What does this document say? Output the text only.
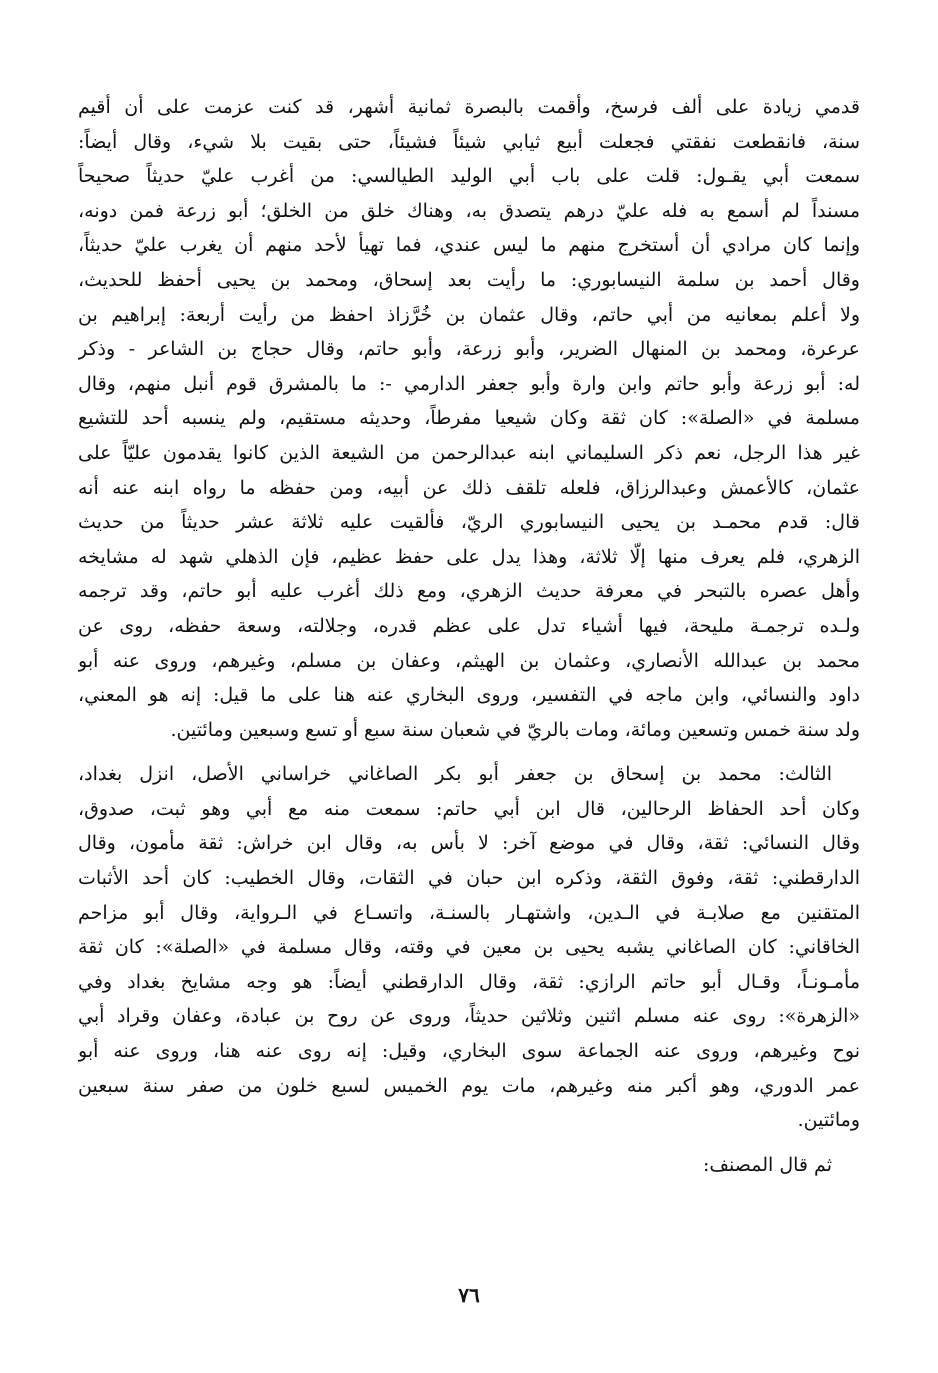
قدمي زيادة على ألف فرسخ، وأقمت بالبصرة ثمانية أشهر، قد كنت عزمت على أن أقيم
سنة، فانقطعت نفقتي فجعلت أبيع ثيابي شيئاً فشيئاً، حتى بقيت بلا شيء، وقال أيضاً:
سمعت أبي يقـول: قلت على باب أبي الوليد الطيالسي: من أغرب عليّ حديثاً صحيحاً
مسنداً لم أسمع به فله عليّ درهم يتصدق به، وهناك خلق من الخلق؛ أبو زرعة فمن دونه،
وإنما كان مرادي أن أستخرج منهم ما ليس عندي، فما تهيأ لأحد منهم أن يغرب عليّ حديثاً،
وقال أحمد بن سلمة النيسابوري: ما رأيت بعد إسحاق، ومحمد بن يحيى أحفظ للحديث،
ولا أعلم بمعانيه من أبي حاتم، وقال عثمان بن خُرَّزاذ احفظ من رأيت أربعة: إبراهيم بن
عرعرة، ومحمد بن المنهال الضرير، وأبو زرعة، وأبو حاتم، وقال حجاج بن الشاعر - وذكر
له: أبو زرعة وأبو حاتم وابن وارة وأبو جعفر الدارمي -: ما بالمشرق قوم أنبل منهم، وقال
مسلمة في «الصلة»: كان ثقة وكان شيعيا مفرطاً، وحديثه مستقيم، ولم ينسبه أحد للتشيع
غير هذا الرجل، نعم ذكر السليماني ابنه عبدالرحمن من الشيعة الذين كانوا يقدمون عليّاً على
عثمان، كالأعمش وعبدالرزاق، فلعله تلقف ذلك عن أبيه، ومن حفظه ما رواه ابنه عنه أنه
قال: قدم محمـد بن يحيى النيسابوري الريّ، فألقيت عليه ثلاثة عشر حديثاً من حديث
الزهري، فلم يعرف منها إلّا ثلاثة، وهذا يدل على حفظ عظيم، فإن الذهلي شهد له مشايخه
وأهل عصره بالتبحر في معرفة حديث الزهري، ومع ذلك أغرب عليه أبو حاتم، وقد ترجمه
ولـده ترجمـة مليحة، فيها أشياء تدل على عظم قدره، وجلالته، وسعة حفظه، روى عن
محمد بن عبدالله الأنصاري، وعثمان بن الهيثم، وعفان بن مسلم، وغيرهم، وروى عنه أبو
داود والنسائي، وابن ماجه في التفسير، وروى البخاري عنه هنا على ما قيل: إنه هو المعني،
ولد سنة خمس وتسعين ومائة، ومات بالريّ في شعبان سنة سبع أو تسع وسبعين ومائتين.
الثالث: محمد بن إسحاق بن جعفر أبو بكر الصاغاني خراساني الأصل، انزل بغداد،
وكان أحد الحفاظ الرحالين، قال ابن أبي حاتم: سمعت منه مع أبي وهو ثبت، صدوق،
وقال النسائي: ثقة، وقال في موضع آخر: لا بأس به، وقال ابن خراش: ثقة مأمون، وقال
الدارقطني: ثقة، وفوق الثقة، وذكره ابن حبان في الثقات، وقال الخطيب: كان أحد الأثبات
المتقنين مع صلابـة في الـدين، واشتهـار بالسنـة، واتسـاع في الـرواية، وقال أبو مزاحم
الخاقاني: كان الصاغاني يشبه يحيى بن معين في وقته، وقال مسلمة في «الصلة»: كان ثقة
مأمـونـاً، وقـال أبو حاتم الرازي: ثقة، وقال الدارقطني أيضاً: هو وجه مشايخ بغداد وفي
«الزهرة»: روى عنه مسلم اثنين وثلاثين حديثاً، وروى عن روح بن عبادة، وعفان وقراد أبي
نوح وغيرهم، وروى عنه الجماعة سوى البخاري، وقيل: إنه روى عنه هنا، وروى عنه أبو
عمر الدوري، وهو أكبر منه وغيرهم، مات يوم الخميس لسبع خلون من صفر سنة سبعين
ومائتين.
ثم قال المصنف:
٧٦
